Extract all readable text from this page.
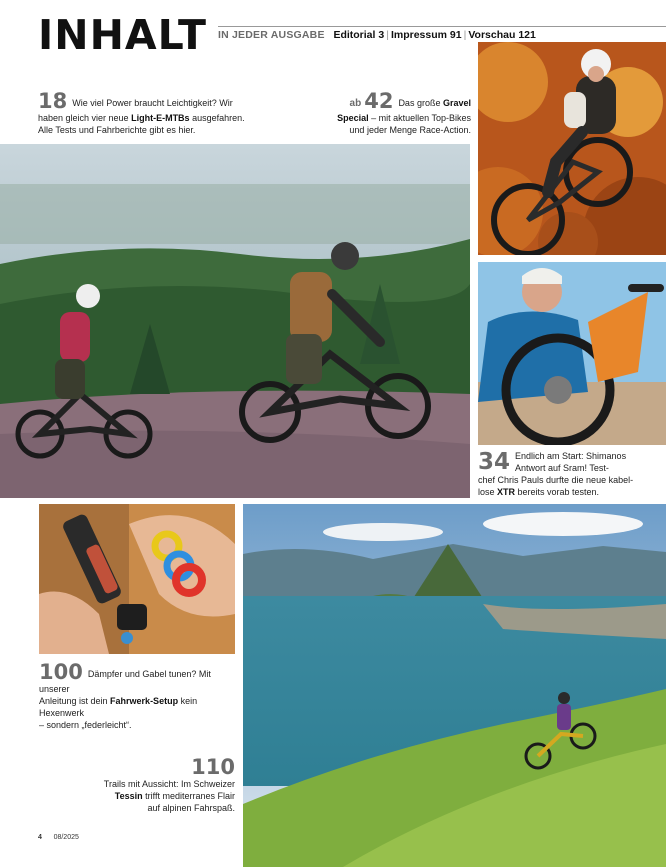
INHALT IN JEDER AUSGABE Editorial 3 | Impressum 91 | Vorschau 121
18 Wie viel Power braucht Leichtigkeit? Wir
haben gleich vier neue Light-E-MTBs ausgefahren.
Alle Tests und Fahrberichte gibt es hier.
ab 42 Das große Gravel
Special – mit aktuellen Top-Bikes
und jeder Menge Race-Action.
34 Endlich am Start: Shimanos
Antwort auf Sram! Test-
chef Chris Pauls durfte die neue kabel-
lose XTR bereits vorab testen.
100 Dämpfer und Gabel tunen? Mit unserer
Anleitung ist dein Fahrwerk-Setup kein Hexenwerk
– sondern „federleicht“.
110
Trails mit Aussicht: Im Schweizer
Tessin trifft mediterranes Flair
auf alpinen Fahrspaß.
4 08/2025
